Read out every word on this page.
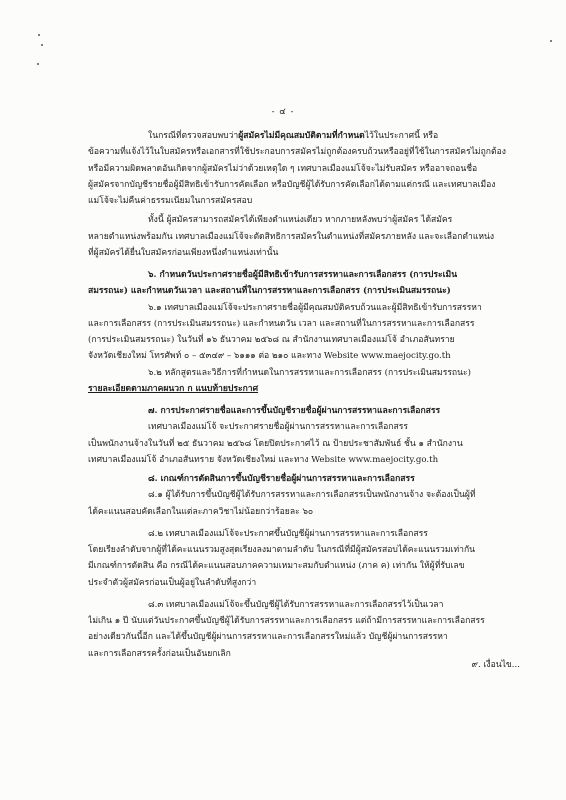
- ๔ -

ในกรณีที่ตรวจสอบพบว่าผู้สมัครไม่มีคุณสมบัติตามที่กำหนดไว้ในประกาศนี้ หรือ
ข้อความที่แจ้งไว้ในใบสมัครหรือเอกสารที่ใช้ประกอบการสมัครไม่ถูกต้องครบถ้วนหรืออยู่ที่ใช้ในการสมัครไม่ถูกต้อง
หรือมีความผิดพลาดอันเกิดจากผู้สมัครไม่ว่าด้วยเหตุใด ๆ เทศบาลเมืองแม่โจ้จะไม่รับสมัคร หรืออาจถอนชื่อ
ผู้สมัครจากบัญชีรายชื่อผู้มีสิทธิเข้ารับการคัดเลือก หรือบัญชีผู้ได้รับการคัดเลือกได้ตามแต่กรณี และเทศบาลเมือง
แม่โจ้จะไม่คืนค่าธรรมเนียมในการสมัครสอบ

ทั้งนี้ ผู้สมัครสามารถสมัครได้เพียงตำแหน่งเดียว หากภายหลังพบว่าผู้สมัคร ได้สมัคร
หลายตำแหน่งพร้อมกัน เทศบาลเมืองแม่โจ้จะตัดสิทธิการสมัครในตำแหน่งที่สมัครภายหลัง และจะเลือกตำแหน่ง
ที่ผู้สมัครได้ยื่นใบสมัครก่อนเพียงหนึ่งตำแหน่งเท่านั้น

๖. กำหนดวันประกาศรายชื่อผู้มีสิทธิเข้ารับการสรรหาและการเลือกสรร (การประเมิน
สมรรถนะ) และกำหนดวันเวลา และสถานที่ในการสรรหาและการเลือกสรร (การประเมินสมรรถนะ)

๖.๑ เทศบาลเมืองแม่โจ้จะประกาศรายชื่อผู้มีคุณสมบัติครบถ้วนและผู้มีสิทธิเข้ารับการสรรหา
และการเลือกสรร (การประเมินสมรรถนะ) และกำหนดวัน เวลา และสถานที่ในการสรรหาและการเลือกสรร
(การประเมินสมรรถนะ) ในวันที่ ๑๖ ธันวาคม ๒๕๖๘ ณ สำนักงานเทศบาลเมืองแม่โจ้ อำเภอสันทราย
จังหวัดเชียงใหม่ โทรศัพท์ ๐ – ๕๓๔๙ – ๖๑๑๑ ต่อ ๒๑๐ และทาง Website www.maejocity.go.th

๖.๒ หลักสูตรและวิธีการที่กำหนดในการสรรหาและการเลือกสรร (การประเมินสมรรถนะ)
รายละเอียดตามภาคผนวก ก แนบท้ายประกาศ

๗. การประกาศรายชื่อและการขึ้นบัญชีรายชื่อผู้ผ่านการสรรหาและการเลือกสรร
เทศบาลเมืองแม่โจ้ จะประกาศรายชื่อผู้ผ่านการสรรหาและการเลือกสรร
เป็นพนักงานจ้างในวันที่ ๒๕ ธันวาคม ๒๕๖๘ โดยปิดประกาศไว้ ณ ป้ายประชาสัมพันธ์ ชั้น ๑ สำนักงาน
เทศบาลเมืองแม่โจ้ อำเภอสันทราย จังหวัดเชียงใหม่ และทาง Website www.maejocity.go.th

๘. เกณฑ์การตัดสินการขึ้นบัญชีรายชื่อผู้ผ่านการสรรหาและการเลือกสรร
๘.๑ ผู้ได้รับการขึ้นบัญชีผู้ได้รับการสรรหาและการเลือกสรรเป็นพนักงานจ้าง จะต้องเป็นผู้ที่
ได้คะแนนสอบคัดเลือกในแต่ละภาควิชาไม่น้อยกว่าร้อยละ ๖๐

๘.๒ เทศบาลเมืองแม่โจ้จะประกาศขึ้นบัญชีผู้ผ่านการสรรหาและการเลือกสรร
โดยเรียงลำดับจากผู้ที่ได้คะแนนรวมสูงสุดเรียงลงมาตามลำดับ ในกรณีที่มีผู้สมัครสอบได้คะแนนรวมเท่ากัน
มีเกณฑ์การตัดสิน คือ กรณีได้คะแนนสอบภาคความเหมาะสมกับตำแหน่ง (ภาค ค) เท่ากัน ให้ผู้ที่รับเลข
ประจำตัวผู้สมัครก่อนเป็นผู้อยู่ในลำดับที่สูงกว่า

๘.๓ เทศบาลเมืองแม่โจ้จะขึ้นบัญชีผู้ได้รับการสรรหาและการเลือกสรรไว้เป็นเวลา
ไม่เกิน ๑ ปี นับแต่วันประกาศขึ้นบัญชีผู้ได้รับการสรรหาและการเลือกสรร แต่ถ้ามีการสรรหาและการเลือกสรร
อย่างเดียวกันนี้อีก และได้ขึ้นบัญชีผู้ผ่านการสรรหาและการเลือกสรรใหม่แล้ว บัญชีผู้ผ่านการสรรหา
และการเลือกสรรครั้งก่อนเป็นอันยกเลิก

๙. เงื่อนไข...
